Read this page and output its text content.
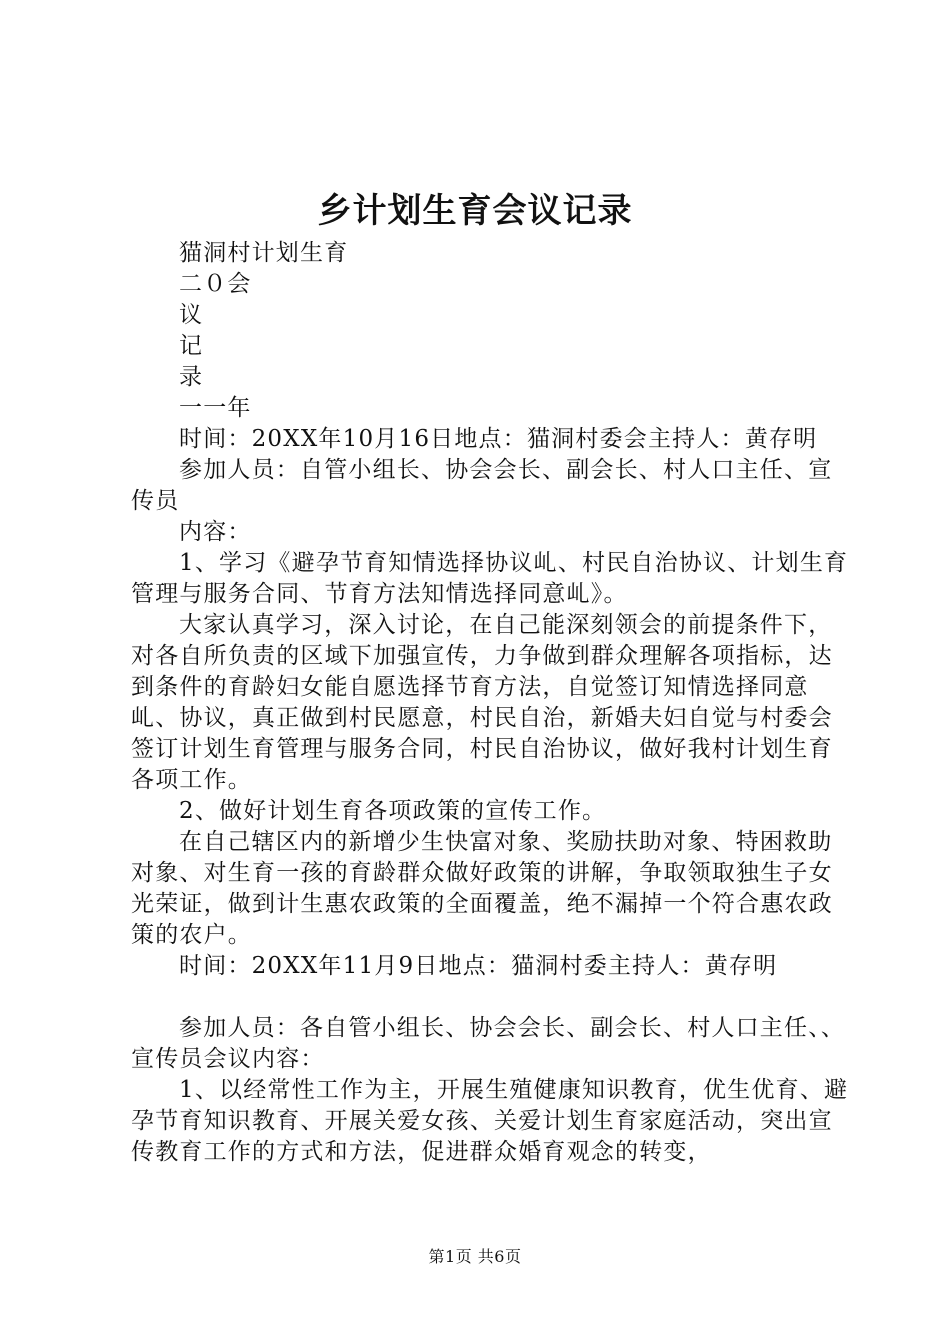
乡计划生育会议记录

猫洞村计划生育

二０会

议

记

录

一一年

时间：20XX年10月16日地点：猫洞村委会主持人：黄存明

参加人员：自管小组长、协会会长、副会长、村人口主任、宣传员

内容：

1、学习《避孕节育知情选择协议乢、村民自治协议、计划生育管理与服务合同、节育方法知情选择同意乢》。

大家认真学习，深入讨论，在自己能深刻领会的前提条件下，对各自所负责的区域下加强宣传，力争做到群众理解各项指标，达到条件的育龄妇女能自愿选择节育方法，自觉签订知情选择同意乢、协议，真正做到村民愿意，村民自治，新婚夫妇自觉与村委会签订计划生育管理与服务合同，村民自治协议，做好我村计划生育各项工作。

2、做好计划生育各项政策的宣传工作。

在自己辖区内的新增少生快富对象、奖励扶助对象、特困救助对象、对生育一孩的育龄群众做好政策的讲解，争取领取独生子女光荣证，做到计生惠农政策的全面覆盖，绝不漏掉一个符合惠农政策的农户。

时间：20XX年11月9日地点：猫洞村委主持人：黄存明

参加人员：各自管小组长、协会会长、副会长、村人口主任、、宣传员会议内容：

1、以经常性工作为主，开展生殖健康知识教育，优生优育、避孕节育知识教育、开展关爱女孩、关爱计划生育家庭活动，突出宣传教育工作的方式和方法，促进群众婚育观念的转变，

第1页 共6页
